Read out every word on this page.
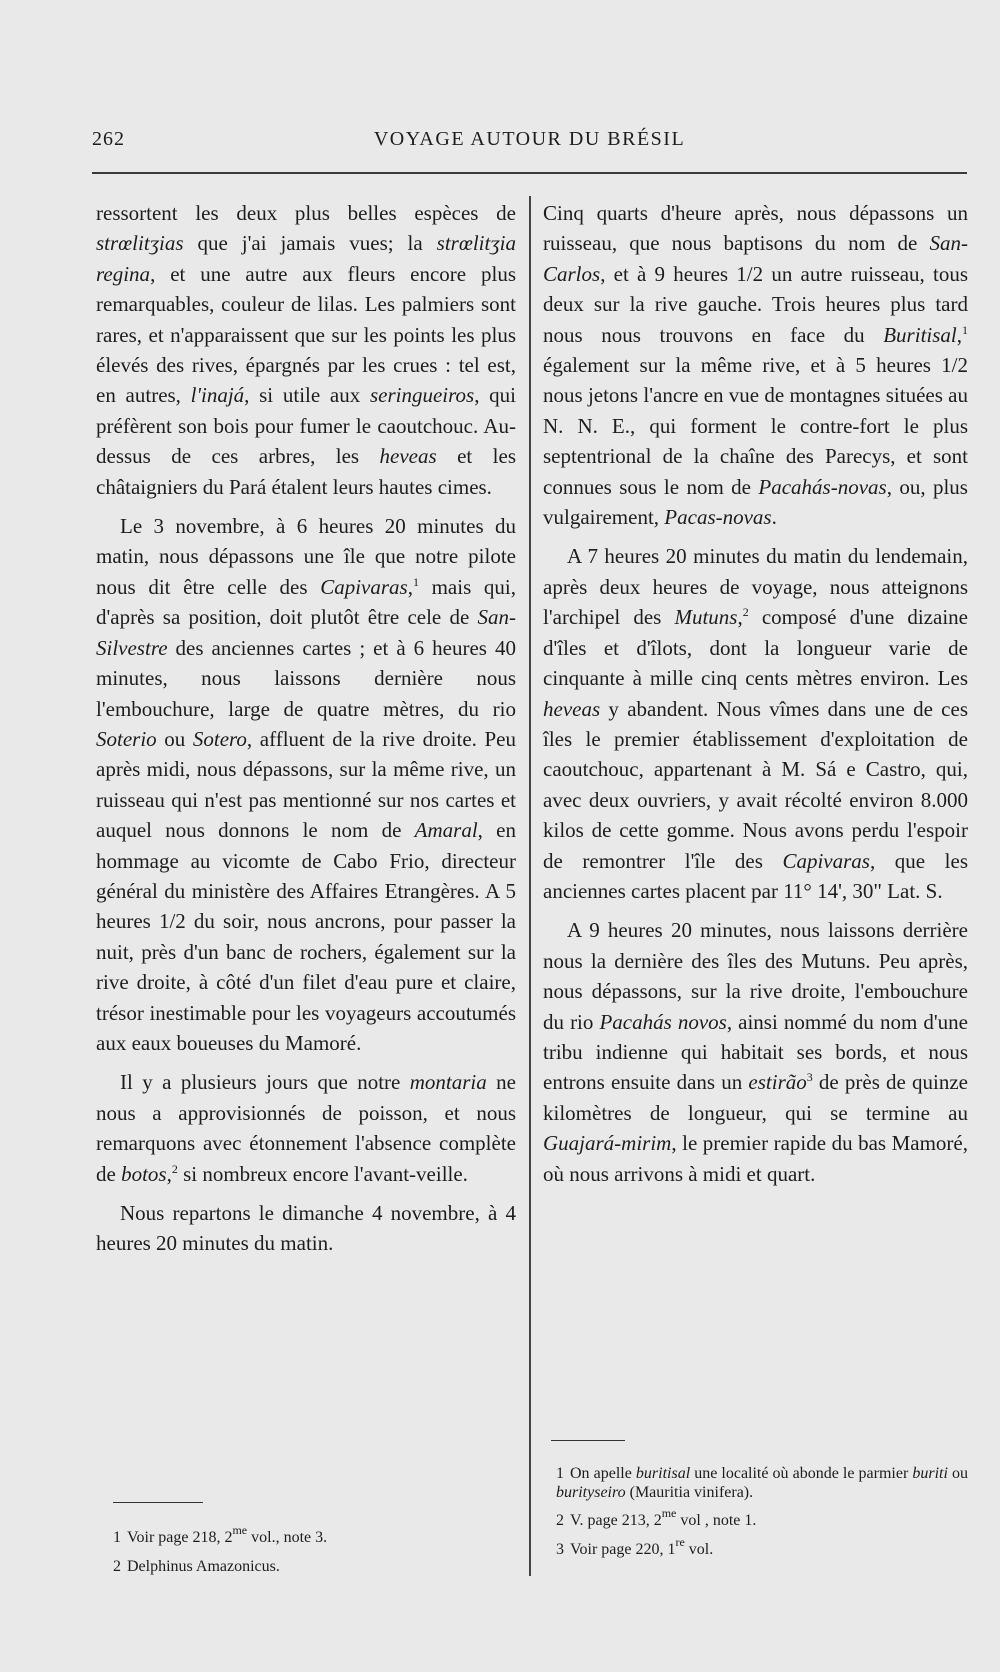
262	VOYAGE AUTOUR DU BRÉSIL

ressortent les deux plus belles espèces de strœlitʒias que j'ai jamais vues; la strœlitʒia regina, et une autre aux fleurs encore plus remarquables, couleur de lilas. Les palmiers sont rares, et n'apparaissent que sur les points les plus élevés des rives, épargnés par les crues : tel est, en autres, l'inajá, si utile aux seringueiros, qui préfèrent son bois pour fumer le caoutchouc. Au-dessus de ces arbres, les heveas et les châtaigniers du Pará étalent leurs hautes cimes.

Le 3 novembre, à 6 heures 20 minutes du matin, nous dépassons une île que notre pilote nous dit être celle des Capivaras,$^1$ mais qui, d'après sa position, doit plutôt être cele de San-Silvestre des anciennes cartes ; et à 6 heures 40 minutes, nous laissons dernière nous l'embouchure, large de quatre mètres, du rio Soterio ou Sotero, affluent de la rive droite. Peu après midi, nous dépassons, sur la même rive, un ruisseau qui n'est pas mentionné sur nos cartes et auquel nous donnons le nom de Amaral, en hommage au vicomte de Cabo Frio, directeur général du ministère des Affaires Etrangères. A 5 heures 1/2 du soir, nous ancrons, pour passer la nuit, près d'un banc de rochers, également sur la rive droite, à côté d'un filet d'eau pure et claire, trésor inestimable pour les voyageurs accoutumés aux eaux boueuses du Mamoré.

Il y a plusieurs jours que notre montaria ne nous a approvisionnés de poisson, et nous remarquons avec étonnement l'absence complète de botos,$^2$ si nombreux encore l'avant-veille.

Nous repartons le dimanche 4 novembre, à 4 heures 20 minutes du matin.

Cinq quarts d'heure après, nous dépassons un ruisseau, que nous baptisons du nom de San-Carlos, et à 9 heures 1/2 un autre ruisseau, tous deux sur la rive gauche. Trois heures plus tard nous nous trouvons en face du Buritisal,$^1$ également sur la même rive, et à 5 heures 1/2 nous jetons l'ancre en vue de montagnes situées au N. N. E., qui forment le contre-fort le plus septentrional de la chaîne des Parecys, et sont connues sous le nom de Pacahás-novas, ou, plus vulgairement, Pacas-novas.

A 7 heures 20 minutes du matin du lendemain, après deux heures de voyage, nous atteignons l'archipel des Mutuns,$^2$ composé d'une dizaine d'îles et d'îlots, dont la longueur varie de cinquante à mille cinq cents mètres environ. Les heveas y abandent. Nous vîmes dans une de ces îles le premier établissement d'exploitation de caoutchouc, appartenant à M. Sá e Castro, qui, avec deux ouvriers, y avait récolté environ 8.000 kilos de cette gomme. Nous avons perdu l'espoir de remontrer l'île des Capivaras, que les anciennes cartes placent par 11° 14', 30" Lat. S.

A 9 heures 20 minutes, nous laissons derrière nous la dernière des îles des Mutuns. Peu après, nous dépassons, sur la rive droite, l'embouchure du rio Pacahás novos, ainsi nommé du nom d'une tribu indienne qui habitait ses bords, et nous entrons ensuite dans un estirão$^3$ de près de quinze kilomètres de longueur, qui se termine au Guajará-mirim, le premier rapide du bas Mamoré, où nous arrivons à midi et quart.

1 Voir page 218, $2^{me}$ vol., note 3.
2 Delphinus Amazonicus.
1 On apelle buritisal une localité où abonde le parmier buriti ou burityseiro (Mauritia vinifera).
2 V. page 213, $2^{me}$ vol , note 1.
3 Voir page 220, 1re vol.
